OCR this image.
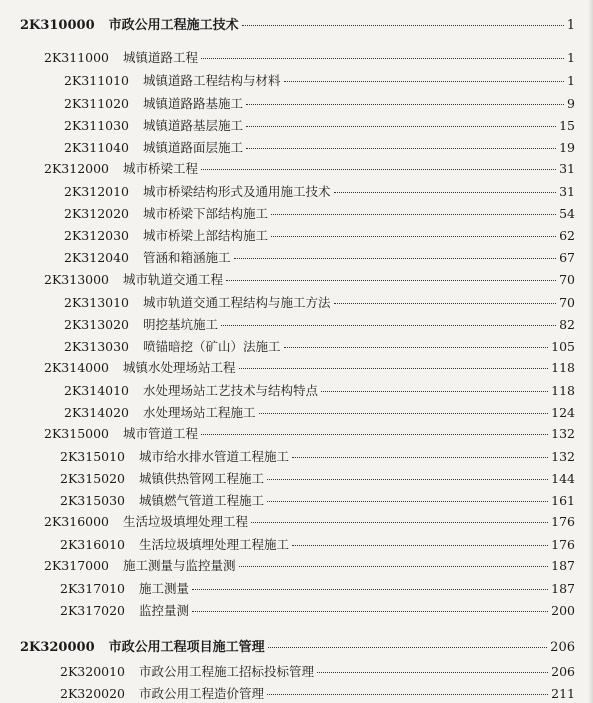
2K310000 市政公用工程施工技术	1
2K311000 城镇道路工程	1
2K311010 城镇道路工程结构与材料	1
2K311020 城镇道路路基施工	9
2K311030 城镇道路基层施工	15
2K311040 城镇道路面层施工	19
2K312000 城市桥梁工程	31
2K312010 城市桥梁结构形式及通用施工技术	31
2K312020 城市桥梁下部结构施工	54
2K312030 城市桥梁上部结构施工	62
2K312040 管涵和箱涵施工	67
2K313000 城市轨道交通工程	70
2K313010 城市轨道交通工程结构与施工方法	70
2K313020 明挖基坑施工	82
2K313030 喷锚暗挖（矿山）法施工	105
2K314000 城镇水处理场站工程	118
2K314010 水处理场站工艺技术与结构特点	118
2K314020 水处理场站工程施工	124
2K315000 城市管道工程	132
2K315010 城市给水排水管道工程施工	132
2K315020 城镇供热管网工程施工	144
2K315030 城镇燃气管道工程施工	161
2K316000 生活垃圾填埋处理工程	176
2K316010 生活垃圾填埋处理工程施工	176
2K317000 施工测量与监控量测	187
2K317010 施工测量	187
2K317020 监控量测	200
2K320000 市政公用工程项目施工管理	206
2K320010 市政公用工程施工招标投标管理	206
2K320020 市政公用工程造价管理	211
